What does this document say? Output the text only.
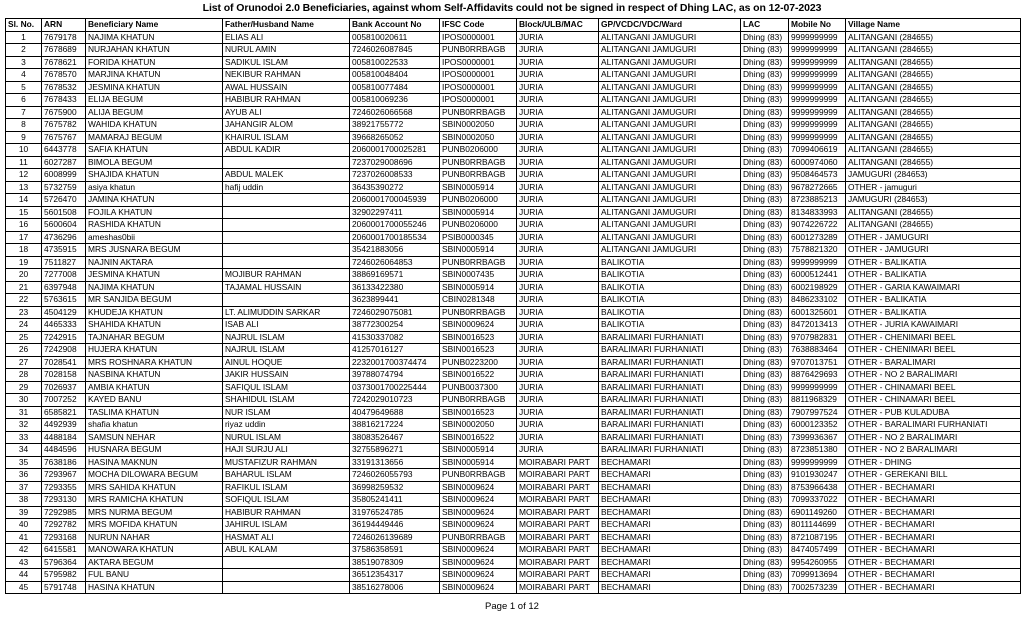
List of Orunodoi 2.0 Beneficiaries, against whom Self-Affidavits could not be signed in respect of Dhing LAC, as on 12-07-2023
Sl. No.	ARN	Beneficiary Name	Father/Husband Name	Bank Account No	IFSC Code	Block/ULB/MAC	GP/VCDC/VDC/Ward	LAC	Mobile No	Village Name
1	7679178	NAJIMA KHATUN	ELIAS ALI	005810020611	IPOS0000001	JURIA	ALITANGANI JAMUGURI	Dhing (83)	9999999999	ALITANGANI (284655)
2	7678689	NURJAHAN KHATUN	NURUL AMIN	7246026087845	PUNB0RRBAGB	JURIA	ALITANGANI JAMUGURI	Dhing (83)	9999999999	ALITANGANI (284655)
3	7678621	FORIDA KHATUN	SADIKUL ISLAM	005810022533	IPOS0000001	JURIA	ALITANGANI JAMUGURI	Dhing (83)	9999999999	ALITANGANI (284655)
4	7678570	MARJINA KHATUN	NEKIBUR RAHMAN	005810048404	IPOS0000001	JURIA	ALITANGANI JAMUGURI	Dhing (83)	9999999999	ALITANGANI (284655)
5	7678532	JESMINA KHATUN	AWAL HUSSAIN	005810077484	IPOS0000001	JURIA	ALITANGANI JAMUGURI	Dhing (83)	9999999999	ALITANGANI (284655)
6	7678433	ELIJA BEGUM	HABIBUR RAHMAN	005810069236	IPOS0000001	JURIA	ALITANGANI JAMUGURI	Dhing (83)	9999999999	ALITANGANI (284655)
7	7675900	ALIJA BEGUM	AYUB ALI	7246026066568	PUNB0RRBAGB	JURIA	ALITANGANI JAMUGURI	Dhing (83)	9999999999	ALITANGANI (284655)
8	7675782	WAHIDA KHATUN	JAHANGIR ALOM	38921755772	SBIN0002050	JURIA	ALITANGANI JAMUGURI	Dhing (83)	9999999999	ALITANGANI (284655)
9	7675767	MAMARAJ BEGUM	KHAIRUL ISLAM	39668265052	SBIN0002050	JURIA	ALITANGANI JAMUGURI	Dhing (83)	9999999999	ALITANGANI (284655)
10	6443778	SAFIA KHATUN	ABDUL KADIR	2060001700025281	PUNB0206000	JURIA	ALITANGANI JAMUGURI	Dhing (83)	7099406619	ALITANGANI (284655)
11	6027287	BIMOLA BEGUM		7237029008696	PUNB0RRBAGB	JURIA	ALITANGANI JAMUGURI	Dhing (83)	6000974060	ALITANGANI (284655)
12	6008999	SHAJIDA KHATUN	ABDUL MALEK	7237026008533	PUNB0RRBAGB	JURIA	ALITANGANI JAMUGURI	Dhing (83)	9508464573	JAMUGURI (284653)
13	5732759	asiya khatun	hafij uddin	36435390272	SBIN0005914	JURIA	ALITANGANI JAMUGURI	Dhing (83)	9678272665	OTHER - jamuguri
14	5726470	JAMINA KHATUN		2060001700045939	PUNB0206000	JURIA	ALITANGANI JAMUGURI	Dhing (83)	8723885213	JAMUGURI (284653)
15	5601508	FOJILA KHATUN		32902297411	SBIN0005914	JURIA	ALITANGANI JAMUGURI	Dhing (83)	8134833993	ALITANGANI (284655)
16	5600604	RASHIDA KHATUN		2060001700055246	PUNB0206000	JURIA	ALITANGANI JAMUGURI	Dhing (83)	9074226722	ALITANGANI (284655)
17	4736296	ameshas0bii		2060001700185534	PSIB0000345	JURIA	ALITANGANI JAMUGURI	Dhing (83)	6001273289	OTHER - JAMUGURI
18	4735915	MRS JUSNARA BEGUM		35421883056	SBIN0005914	JURIA	ALITANGANI JAMUGURI	Dhing (83)	7578821320	OTHER - JAMUGURI
19	7511827	NAJNIN AKTARA		7246026064853	PUNB0RRBAGB	JURIA	BALIKOTIA	Dhing (83)	9999999999	OTHER - BALIKATIA
20	7277008	JESMINA KHATUN	MOJIBUR RAHMAN	38869169571	SBIN0007435	JURIA	BALIKOTIA	Dhing (83)	6000512441	OTHER - BALIKATIA
21	6397948	NAJIMA KHATUN	TAJAMAL HUSSAIN	36133422380	SBIN0005914	JURIA	BALIKOTIA	Dhing (83)	6002198929	OTHER - GARIA KAWAIMARI
22	5763615	MR SANJIDA BEGUM		3623899441	CBIN0281348	JURIA	BALIKOTIA	Dhing (83)	8486233102	OTHER - BALIKATIA
23	4504129	KHUDEJA KHATUN	LT. ALIMUDDIN SARKAR	7246029075081	PUNB0RRBAGB	JURIA	BALIKOTIA	Dhing (83)	6001325601	OTHER - BALIKATIA
24	4465333	SHAHIDA KHATUN	ISAB ALI	38772300254	SBIN0009624	JURIA	BALIKOTIA	Dhing (83)	8472013413	OTHER - JURIA KAWAIMARI
25	7242915	TAJNAHAR BEGUM	NAJRUL ISLAM	41530337082	SBIN0016523	JURIA	BARALIMARI FURHANIATI	Dhing (83)	9707982831	OTHER - CHENIMARI BEEL
26	7242908	HUJERA KHATUN	NAJRUL ISLAM	41257016127	SBIN0016523	JURIA	BARALIMARI FURHANIATI	Dhing (83)	7638883464	OTHER - CHENIMARI BEEL
27	7028541	MRS ROSHNARA KHATUN	AINUL HOQUE	2232001700374474	PUNB0223200	JURIA	BARALIMARI FURHANIATI	Dhing (83)	9707013751	OTHER - BARALIMARI
28	7028158	NASBINA KHATUN	JAKIR HUSSAIN	39788074794	SBIN0016522	JURIA	BARALIMARI FURHANIATI	Dhing (83)	8876429693	OTHER - NO 2 BARALIMARI
29	7026937	AMBIA KHATUN	SAFIQUL ISLAM	0373001700225444	PUNB0037300	JURIA	BARALIMARI FURHANIATI	Dhing (83)	9999999999	OTHER - CHINAMARI BEEL
30	7007252	KAYED BANU	SHAHIDUL ISLAM	7242029010723	PUNB0RRBAGB	JURIA	BARALIMARI FURHANIATI	Dhing (83)	8811968329	OTHER - CHINAMARI BEEL
31	6585821	TASLIMA KHATUN	NUR ISLAM	40479649688	SBIN0016523	JURIA	BARALIMARI FURHANIATI	Dhing (83)	7907997524	OTHER - PUB KULADUBA
32	4492939	shafia khatun	riyaz uddin	38816217224	SBIN0002050	JURIA	BARALIMARI FURHANIATI	Dhing (83)	6000123352	OTHER - BARALIMARI FURHANIATI
33	4488184	SAMSUN NEHAR	NURUL ISLAM	38083526467	SBIN0016522	JURIA	BARALIMARI FURHANIATI	Dhing (83)	7399936367	OTHER - NO 2 BARALIMARI
34	4484596	HUSNARA BEGUM	HAJI SURJU ALI	32755896271	SBIN0005914	JURIA	BARALIMARI FURHANIATI	Dhing (83)	8723851380	OTHER - NO 2 BARALIMARI
35	7638186	HASINA MAKNUN	MUSTAFIZUR RAHMAN	33191313656	SBIN0005914	MOIRABARI PART	BECHAMARI	Dhing (83)	9999999999	OTHER - DHING
36	7293967	MOCHA DILOWARA BEGUM	BAHARUL ISLAM	7246026055793	PUNB0RRBAGB	MOIRABARI PART	BECHAMARI	Dhing (83)	9101930247	OTHER - GEREKANI BILL
37	7293355	MRS SAHIDA KHATUN	RAFIKUL ISLAM	36998259532	SBIN0009624	MOIRABARI PART	BECHAMARI	Dhing (83)	8753966438	OTHER - BECHAMARI
38	7293130	MRS RAMICHA KHATUN	SOFIQUL ISLAM	35805241411	SBIN0009624	MOIRABARI PART	BECHAMARI	Dhing (83)	7099337022	OTHER - BECHAMARI
39	7292985	MRS NURMA BEGUM	HABIBUR RAHMAN	31976524785	SBIN0009624	MOIRABARI PART	BECHAMARI	Dhing (83)	6901149260	OTHER - BECHAMARI
40	7292782	MRS MOFIDA KHATUN	JAHIRUL ISLAM	36194449446	SBIN0009624	MOIRABARI PART	BECHAMARI	Dhing (83)	8011144699	OTHER - BECHAMARI
41	7293168	NURUN NAHAR	HASMAT ALI	7246026139689	PUNB0RRBAGB	MOIRABARI PART	BECHAMARI	Dhing (83)	8721087195	OTHER - BECHAMARI
42	6415581	MANOWARA KHATUN	ABUL KALAM	37586358591	SBIN0009624	MOIRABARI PART	BECHAMARI	Dhing (83)	8474057499	OTHER - BECHAMARI
43	5796364	AKTARA BEGUM		38519078309	SBIN0009624	MOIRABARI PART	BECHAMARI	Dhing (83)	9954260955	OTHER - BECHAMARI
44	5795982	FUL BANU		36512354317	SBIN0009624	MOIRABARI PART	BECHAMARI	Dhing (83)	7099913694	OTHER - BECHAMARI
45	5791748	HASINA KHATUN		38516278006	SBIN0009624	MOIRABARI PART	BECHAMARI	Dhing (83)	7002573239	OTHER - BECHAMARI
Page 1 of 12
